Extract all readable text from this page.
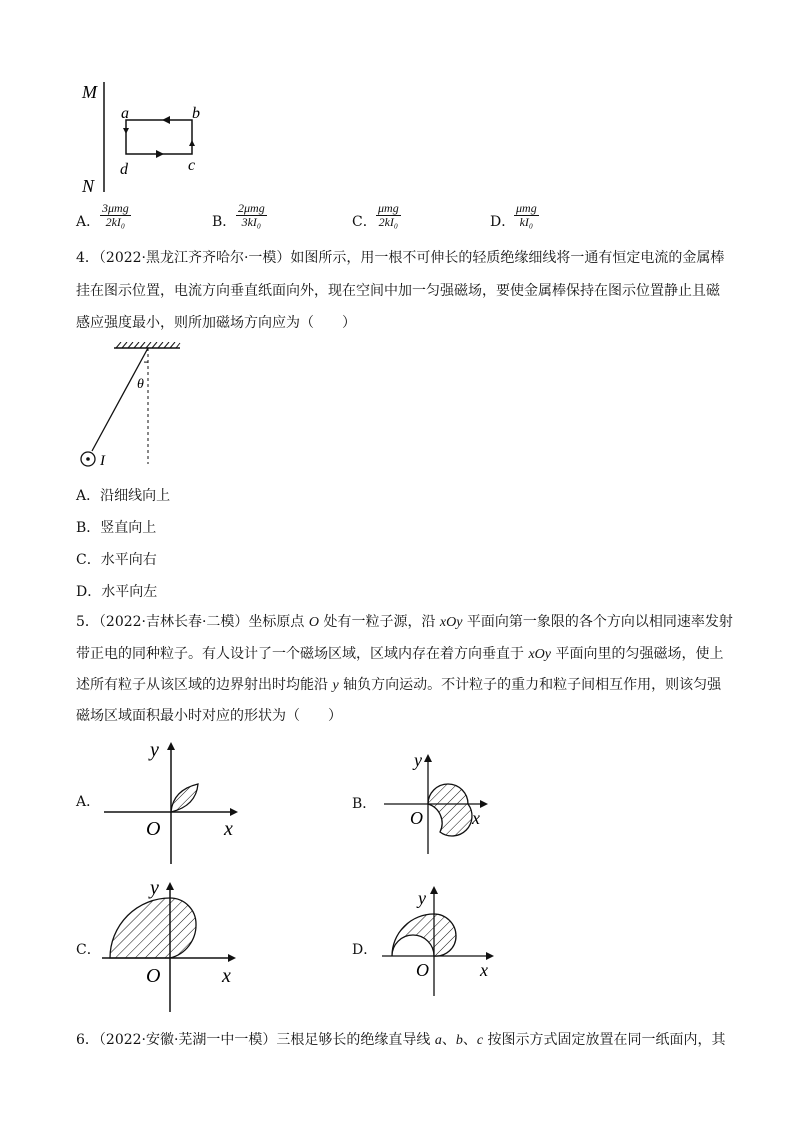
M
N
a	b
c
d
A．
3μmg
2kI₀	B．
2μmg
3kI₀	C．
μmg
2kI₀	D．
μmg
kI₀
4．（2022·黑龙江齐齐哈尔·一模）如图所示，用一根不可伸长的轻质绝缘细线将一通有恒定电流的金属棒
挂在图示位置，电流方向垂直纸面向外，现在空间中加一匀强磁场，要使金属棒保持在图示位置静止且磁
感应强度最小，则所加磁场方向应为（　　）
θ
I
A．沿细线向上
B．竖直向上
C．水平向右
D．水平向左
5．（2022·吉林长春·二模）坐标原点 O 处有一粒子源，沿 xOy 平面向第一象限的各个方向以相同速率发射
带正电的同种粒子。有人设计了一个磁场区域，区域内存在着方向垂直于 xOy 平面向里的匀强磁场，使上
述所有粒子从该区域的边界射出时均能沿 y 轴负方向运动。不计粒子的重力和粒子间相互作用，则该匀强
磁场区域面积最小时对应的形状为（　　）
A．
y
x
O
B．
y
x
O
C．
y
x
O
D．
y
x
O
6．（2022·安徽·芜湖一中一模）三根足够长的绝缘直导线 a、b、c 按图示方式固定放置在同一纸面内，其
